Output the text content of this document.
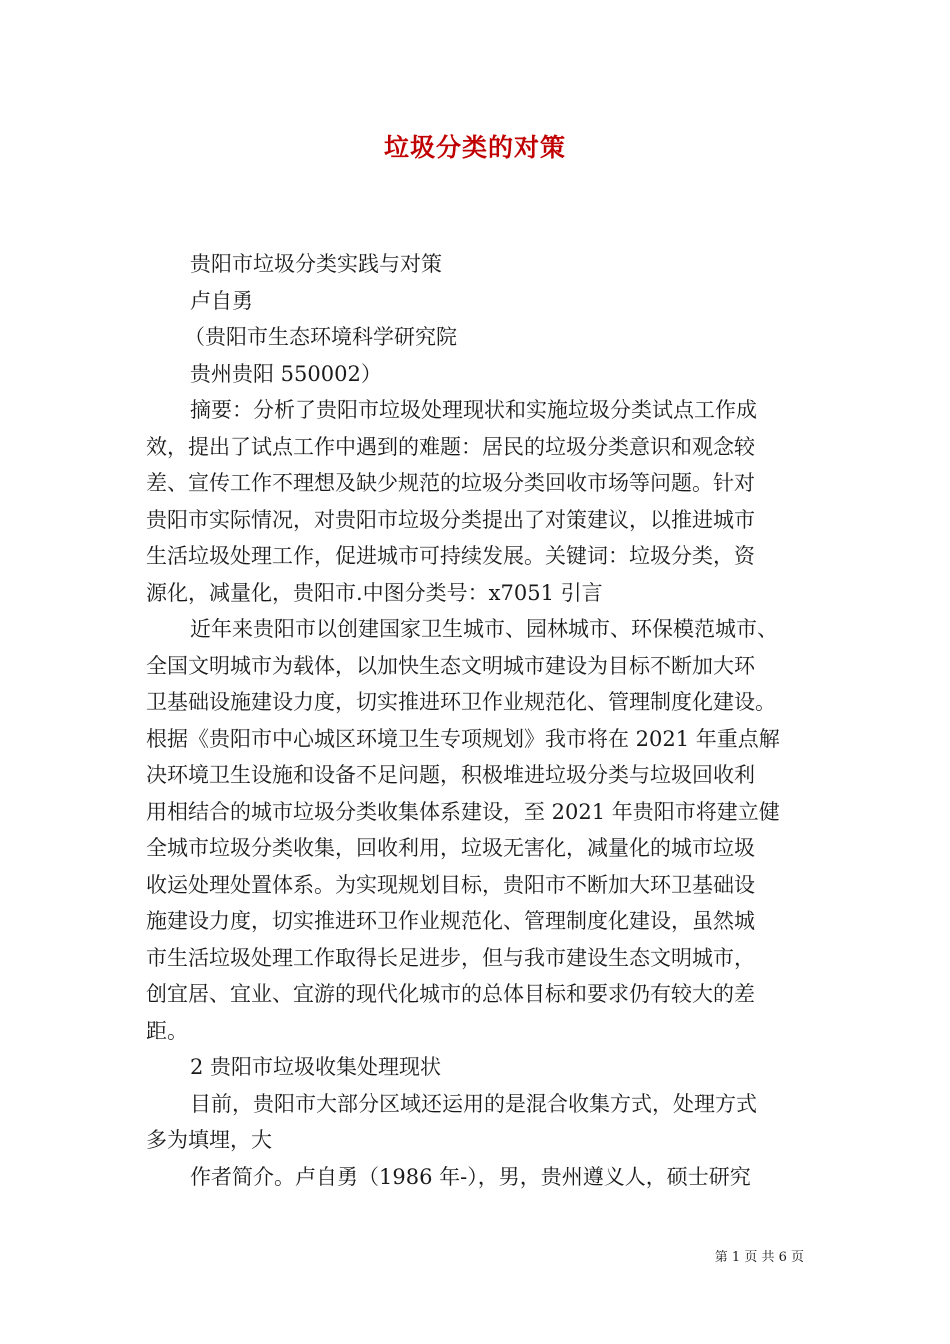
垃圾分类的对策
贵阳市垃圾分类实践与对策
卢自勇
（贵阳市生态环境科学研究院
贵州贵阳 550002）
摘要：分析了贵阳市垃圾处理现状和实施垃圾分类试点工作成
效，提出了试点工作中遇到的难题：居民的垃圾分类意识和观念较
差、宣传工作不理想及缺少规范的垃圾分类回收市场等问题。针对
贵阳市实际情况，对贵阳市垃圾分类提出了对策建议，以推进城市
生活垃圾处理工作，促进城市可持续发展。关键词：垃圾分类，资
源化，减量化，贵阳市.中图分类号：x7051 引言
近年来贵阳市以创建国家卫生城市、园林城市、环保模范城市、
全国文明城市为载体，以加快生态文明城市建设为目标不断加大环
卫基础设施建设力度，切实推进环卫作业规范化、管理制度化建设。
根据《贵阳市中心城区环境卫生专项规划》我市将在 2021 年重点解
决环境卫生设施和设备不足问题，积极堆进垃圾分类与垃圾回收利
用相结合的城市垃圾分类收集体系建设，至 2021 年贵阳市将建立健
全城市垃圾分类收集，回收利用，垃圾无害化，减量化的城市垃圾
收运处理处置体系。为实现规划目标，贵阳市不断加大环卫基础设
施建设力度，切实推进环卫作业规范化、管理制度化建设，虽然城
市生活垃圾处理工作取得长足进步，但与我市建设生态文明城市，
创宜居、宜业、宜游的现代化城市的总体目标和要求仍有较大的差
距。
2 贵阳市垃圾收集处理现状
目前，贵阳市大部分区域还运用的是混合收集方式，处理方式
多为填埋，大
作者简介。卢自勇（1986 年-），男，贵州遵义人，硕士研究
第 1 页 共 6 页
